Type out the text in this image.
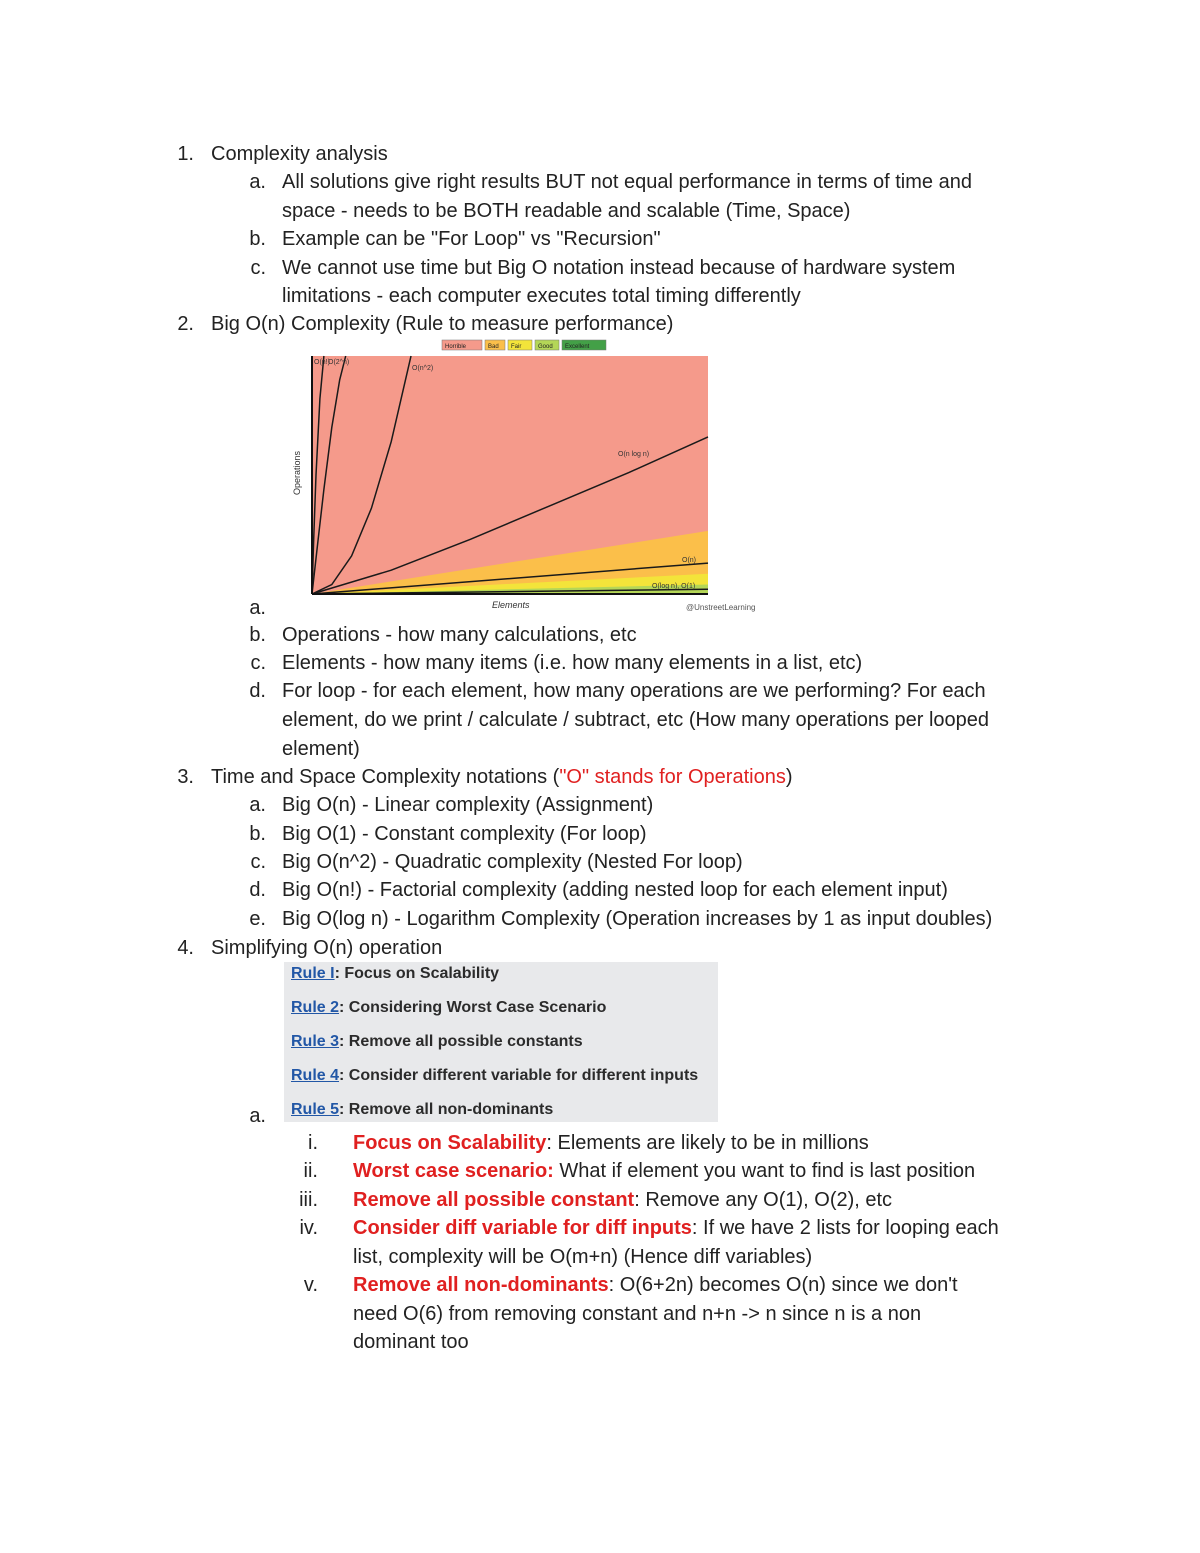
1. Complexity analysis
a. All solutions give right results BUT not equal performance in terms of time and
space - needs to be BOTH readable and scalable (Time, Space)
b. Example can be "For Loop" vs "Recursion"
c. We cannot use time but Big O notation instead because of hardware system
limitations - each computer executes total timing differently
2. Big O(n) Complexity (Rule to measure performance)
Horrible	Bad Fair	Good Excellent
O(n!)
O(2^n)
O(n^2)
O(n log n)
O(n)
O(log n), O(1)
Elements
Operations
@UnstreetLearning
a.
b. Operations - how many calculations, etc
c. Elements - how many items (i.e. how many elements in a list, etc)
d. For loop - for each element, how many operations are we performing? For each
element, do we print / calculate / subtract, etc (How many operations per looped
element)
3. Time and Space Complexity notations ("O" stands for Operations)
a. Big O(n) - Linear complexity (Assignment)
b. Big O(1) - Constant complexity (For loop)
c. Big O(n^2) - Quadratic complexity (Nested For loop)
d. Big O(n!) - Factorial complexity (adding nested loop for each element input)
e. Big O(log n) - Logarithm Complexity (Operation increases by 1 as input doubles)
4. Simplifying O(n) operation
Rule I: Focus on Scalability
Rule 2: Considering Worst Case Scenario
Rule 3: Remove all possible constants
Rule 4: Consider different variable for different inputs
Rule 5: Remove all non-dominants
a.
i. Focus on Scalability: Elements are likely to be in millions
ii. Worst case scenario: What if element you want to find is last position
iii. Remove all possible constant: Remove any O(1), O(2), etc
iv. Consider diff variable for diff inputs: If we have 2 lists for looping each
list, complexity will be O(m+n) (Hence diff variables)
v. Remove all non-dominants: O(6+2n) becomes O(n) since we don't
need O(6) from removing constant and n+n -> n since n is a non
dominant too
